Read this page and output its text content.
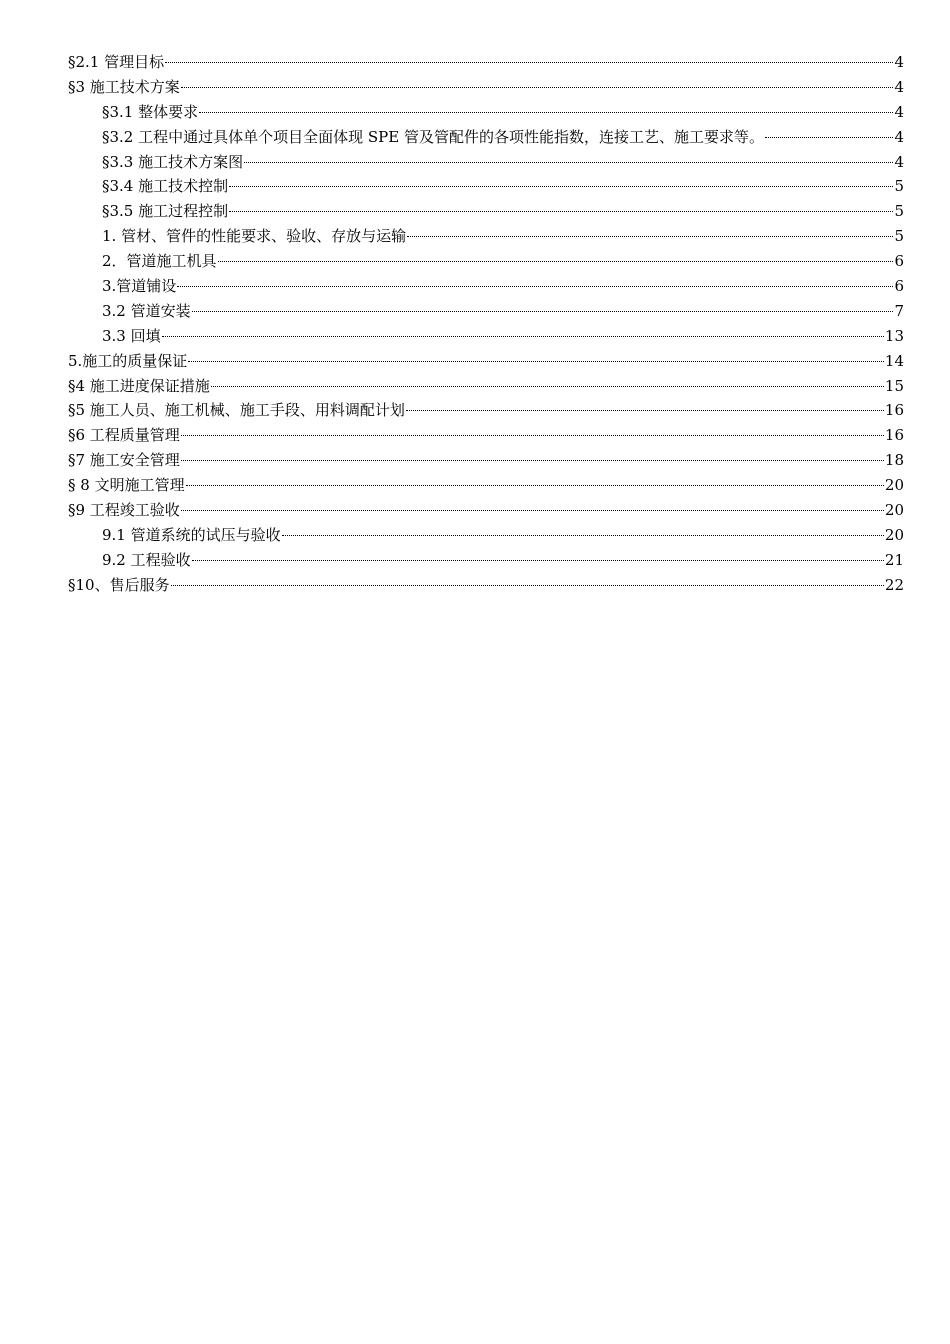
§2.1 管理目标	4
§3 施工技术方案	4
§3.1 整体要求	4
§3.2 工程中通过具体单个项目全面体现 SPE 管及管配件的各项性能指数，连接工艺、施工要求等。	4
§3.3 施工技术方案图	4
§3.4 施工技术控制	5
§3.5 施工过程控制	5
1. 管材、管件的性能要求、验收、存放与运输	5
2．管道施工机具	6
3.管道铺设	6
3.2 管道安装	7
3.3 回填	13
5.施工的质量保证	14
§4 施工进度保证措施	15
§5 施工人员、施工机械、施工手段、用料调配计划	16
§6 工程质量管理	16
§7 施工安全管理	18
§ 8 文明施工管理	20
§9 工程竣工验收	20
9.1 管道系统的试压与验收	20
9.2 工程验收	21
§10、售后服务	22
